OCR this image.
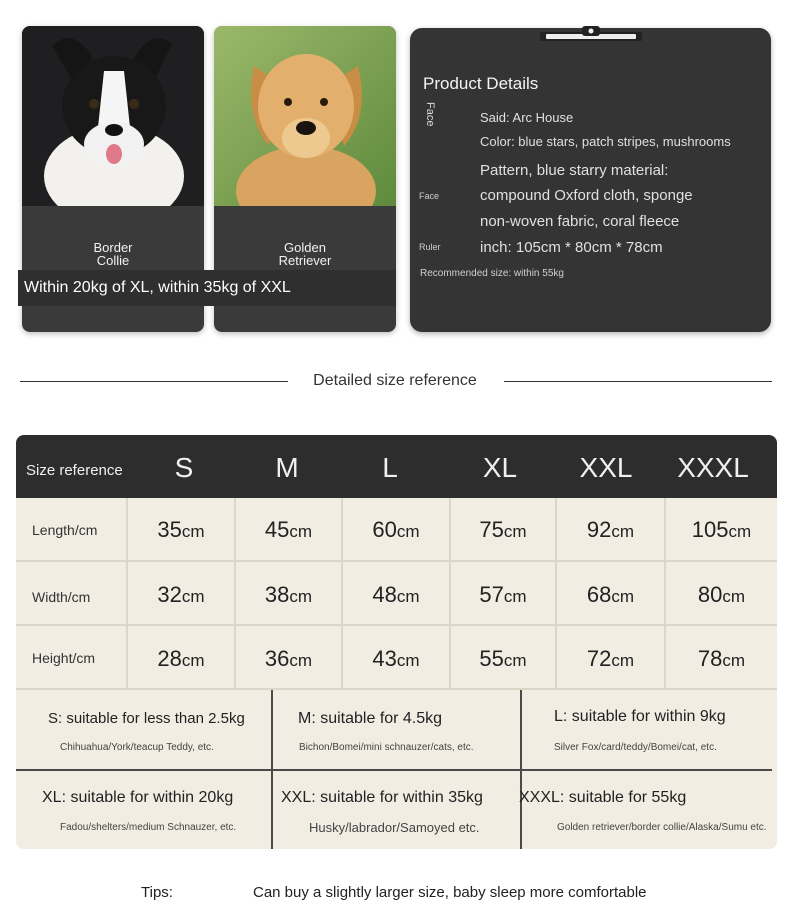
Border
Collie
Golden
Retriever
Within 20kg of XL, within 35kg of XXL
Product Details
Face	Said: Arc House
Color: blue stars, patch stripes, mushrooms
Pattern, blue starry material:
Face	compound Oxford cloth, sponge
non-woven fabric, coral fleece
Ruler	inch: 105cm * 80cm * 78cm
Recommended size: within 55kg
Detailed size reference
Size reference	S	M	L	XL	XXL	XXXL
Length/cm	35cm	45cm	60cm	75cm	92cm	105cm
Width/cm	32cm	38cm	48cm	57cm	68cm	80cm
Height/cm	28cm	36cm	43cm	55cm	72cm	78cm
S: suitable for less than 2.5kg
Chihuahua/York/teacup Teddy, etc.
M: suitable for 4.5kg
Bichon/Bomei/mini schnauzer/cats, etc.
L: suitable for within 9kg
Silver Fox/card/teddy/Bomei/cat, etc.
XL: suitable for within 20kg
Fadou/shelters/medium Schnauzer, etc.
XXL: suitable for within 35kg
Husky/labrador/Samoyed etc.
XXXL: suitable for 55kg
Golden retriever/border collie/Alaska/Sumu etc.
Tips:	Can buy a slightly larger size, baby sleep more comfortable
